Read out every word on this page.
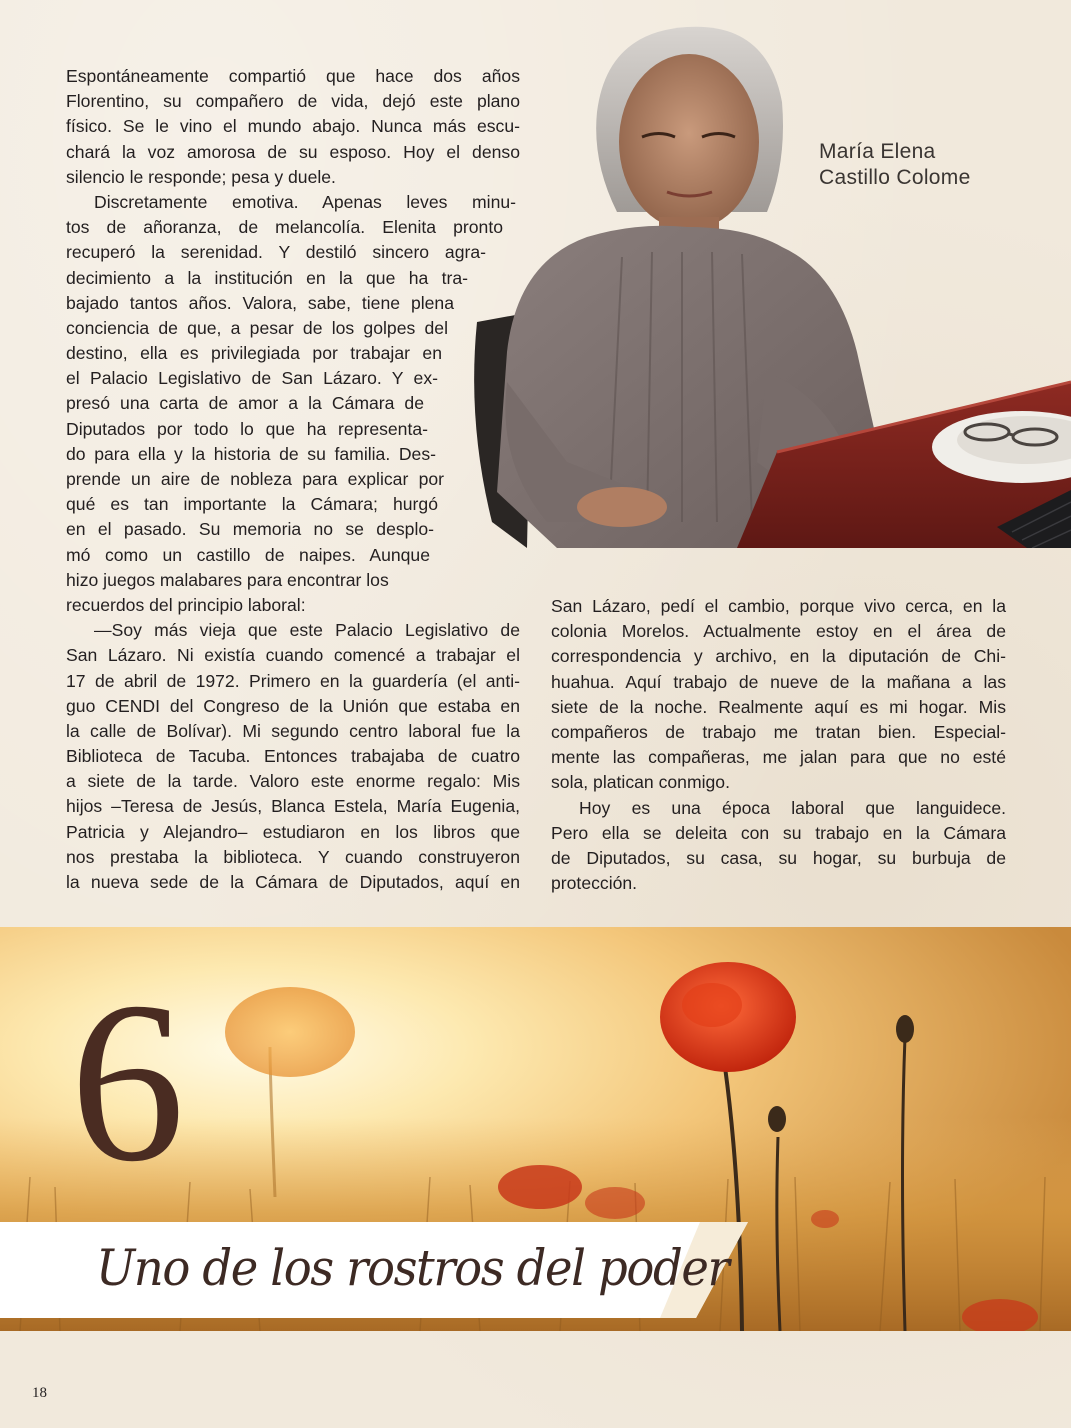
María Elena
Castillo Colome
Espontáneamente compartió que hace dos años
Florentino, su compañero de vida, dejó este plano
físico. Se le vino el mundo abajo. Nunca más escu-
chará la voz amorosa de su esposo. Hoy el denso
silencio le responde; pesa y duele.
Discretamente emotiva. Apenas leves minu-
tos de añoranza, de melancolía. Elenita pronto
recuperó la serenidad. Y destiló sincero agra-
decimiento a la institución en la que ha tra-
bajado tantos años. Valora, sabe, tiene plena
conciencia de que, a pesar de los golpes del
destino, ella es privilegiada por trabajar en
el Palacio Legislativo de San Lázaro. Y ex-
presó una carta de amor a la Cámara de
Diputados por todo lo que ha representa-
do para ella y la historia de su familia. Des-
prende un aire de nobleza para explicar por
qué es tan importante la Cámara; hurgó
en el pasado. Su memoria no se desplo-
mó como un castillo de naipes. Aunque
hizo juegos malabares para encontrar los
recuerdos del principio laboral:
—Soy más vieja que este Palacio Legislativo de
San Lázaro. Ni existía cuando comencé a trabajar el
17 de abril de 1972. Primero en la guardería (el anti-
guo CENDI del Congreso de la Unión que estaba en
la calle de Bolívar). Mi segundo centro laboral fue la
Biblioteca de Tacuba. Entonces trabajaba de cuatro
a siete de la tarde. Valoro este enorme regalo: Mis
hijos –Teresa de Jesús, Blanca Estela, María Eugenia,
Patricia y Alejandro– estudiaron en los libros que
nos prestaba la biblioteca. Y cuando construyeron
la nueva sede de la Cámara de Diputados, aquí en
San Lázaro, pedí el cambio, porque vivo cerca, en la
colonia Morelos. Actualmente estoy en el área de
correspondencia y archivo, en la diputación de Chi-
huahua. Aquí trabajo de nueve de la mañana a las
siete de la noche. Realmente aquí es mi hogar. Mis
compañeros de trabajo me tratan bien. Especial-
mente las compañeras, me jalan para que no esté
sola, platican conmigo.
Hoy es una época laboral que languidece.
Pero ella se deleita con su trabajo en la Cámara
de Diputados, su casa, su hogar, su burbuja de
protección.
6
Uno de los rostros del poder
18
